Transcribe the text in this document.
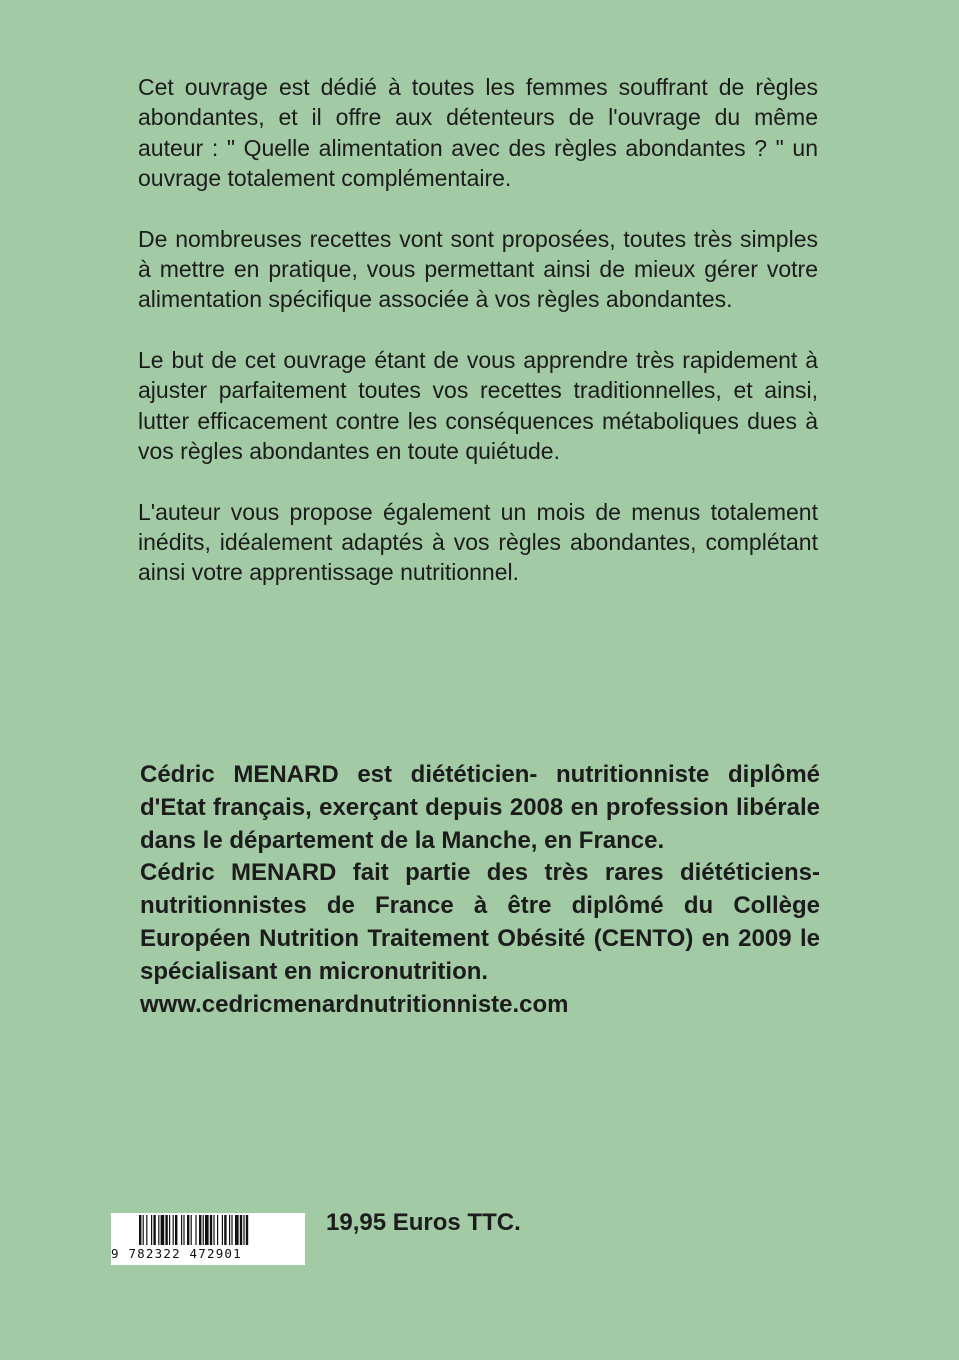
Cet ouvrage est dédié à toutes les femmes souffrant de règles abondantes, et il offre aux détenteurs de l'ouvrage du même auteur : " Quelle alimentation avec des règles abondantes ? " un ouvrage totalement complémentaire.

De nombreuses recettes vont sont proposées, toutes très simples à mettre en pratique, vous permettant ainsi de mieux gérer votre alimentation spécifique associée à vos règles abondantes.

Le but de cet ouvrage étant de vous apprendre très rapidement à ajuster parfaitement toutes vos recettes traditionnelles, et ainsi, lutter efficacement contre les conséquences métaboliques dues à vos règles abondantes en toute quiétude.

L'auteur vous propose également un mois de menus totalement inédits, idéalement adaptés à vos règles abondantes, complétant ainsi votre apprentissage nutritionnel.

Cédric MENARD est diététicien- nutritionniste diplômé d'Etat français, exerçant depuis 2008 en profession libérale dans le département de la Manche, en France.

Cédric MENARD fait partie des très rares diététiciens-nutritionnistes de France à être diplômé du Collège Européen Nutrition Traitement Obésité (CENTO) en 2009 le spécialisant en micronutrition.

www.cedricmenardnutritionniste.com

9 782322 472901
19,95 Euros TTC.
